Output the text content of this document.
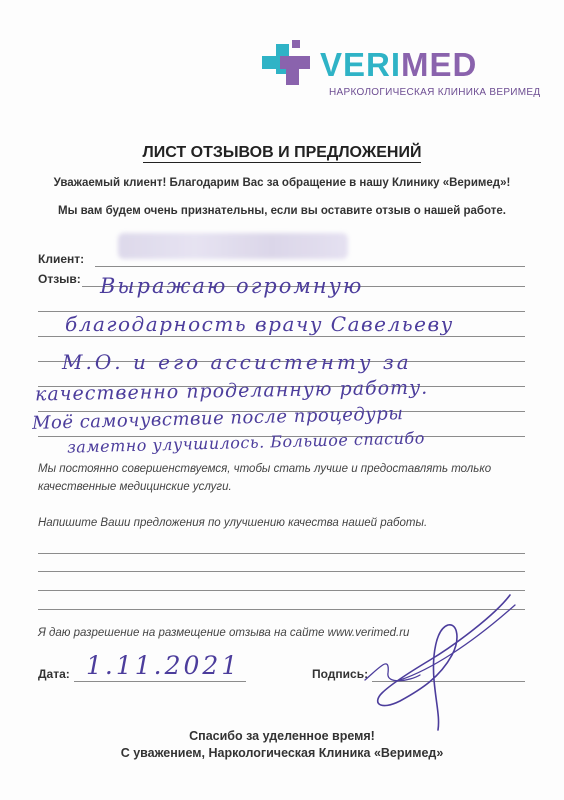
VERIMED
НАРКОЛОГИЧЕСКАЯ КЛИНИКА ВЕРИМЕД
ЛИСТ ОТЗЫВОВ И ПРЕДЛОЖЕНИЙ
Уважаемый клиент! Благодарим Вас за обращение в нашу Клинику «Веримед»!
Мы вам будем очень признательны, если вы оставите отзыв о нашей работе.
Клиент:
Отзыв: Выражаю огромную
благодарность врачу Савельеву
М.О. и его ассистенту за
качественно проделанную работу.
Моё самочувствие после процедуры
заметно улучшилось. Большое спасибо
Мы постоянно совершенствуемся, чтобы стать лучше и предоставлять только
качественные медицинские услуги.
Напишите Ваши предложения по улучшению качества нашей работы.
Я даю разрешение на размещение отзыва на сайте www.verimed.ru
Дата: 1.11.2021	Подпись:
Спасибо за уделенное время!
С уважением, Наркологическая Клиника «Веримед»
